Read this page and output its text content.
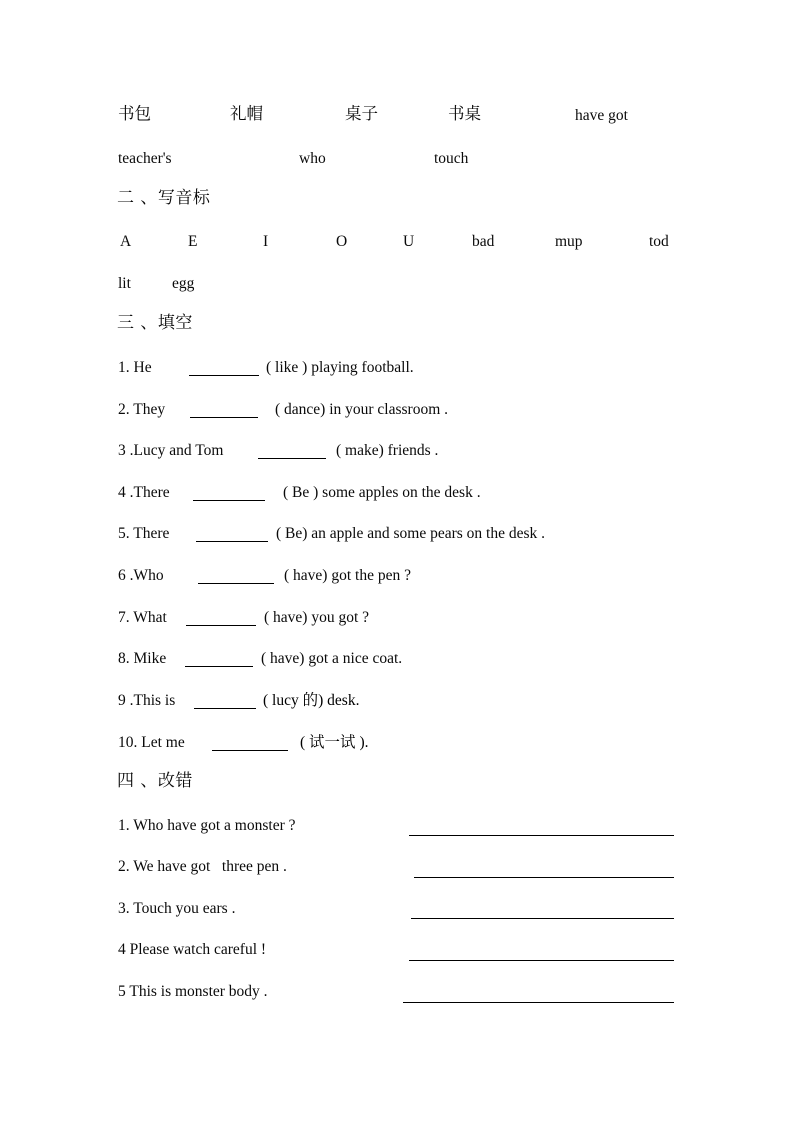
书包	礼帽	桌子	书桌	have got
teacher's	who	touch
二 、写音标
A	E	I	O	U	bad	mup	tod
lit	egg
三 、填空
1. He	( like ) playing football.
2. They	( dance) in your classroom .
3 .Lucy and Tom	( make) friends .
4 .There	( Be ) some apples on the desk .
5. There	( Be) an apple and some pears on the desk .
6 .Who	( have) got the pen ?
7. What	( have) you got ?
8. Mike	( have) got a nice coat.
9 .This is	( lucy 的) desk.
10. Let me	( 试一试 ).
四 、改错
1. Who have got a monster ?
2. We have got   three pen .
3. Touch you ears .
4 Please watch careful !
5 This is monster body .
